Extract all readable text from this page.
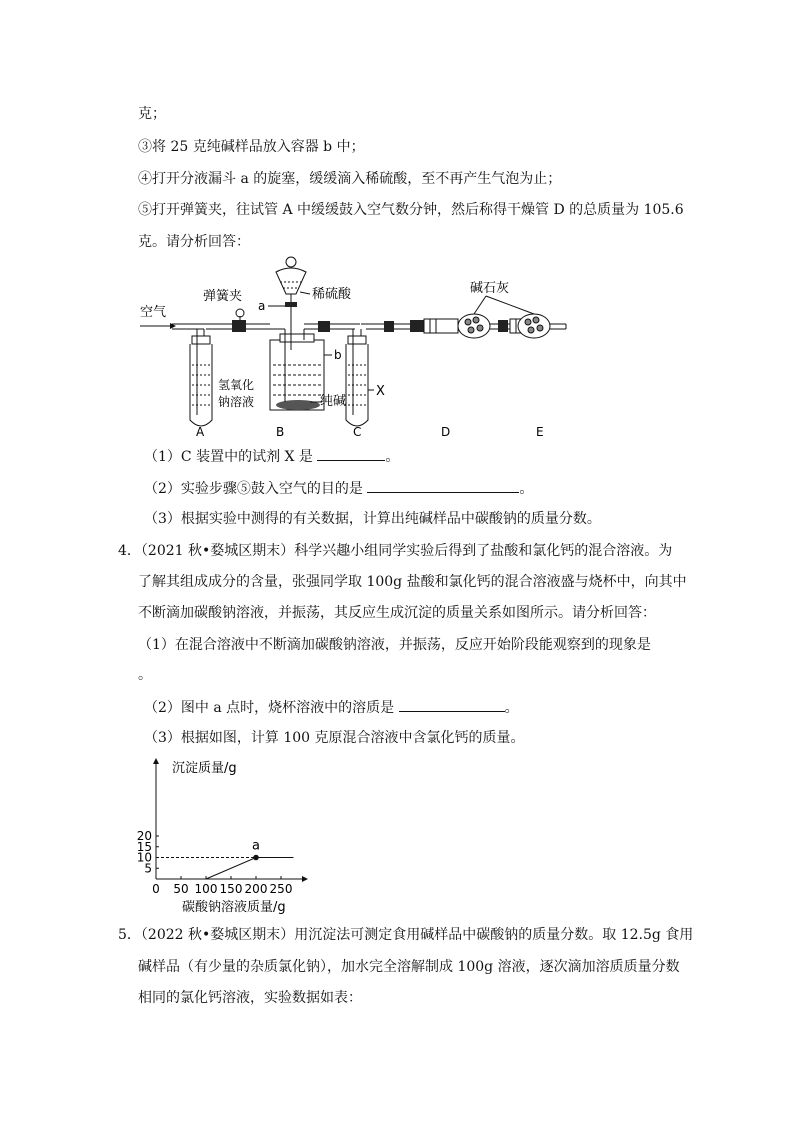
克；
③将 25 克纯碱样品放入容器 b 中；
④打开分液漏斗 a 的旋塞，缓缓滴入稀硫酸，至不再产生气泡为止；
⑤打开弹簧夹，往试管 A 中缓缓鼓入空气数分钟，然后称得干燥管 D 的总质量为 105.6
克。请分析回答：
空气
氢氧化
钠溶液
弹簧夹
b
纯碱
a
稀硫酸
X
碱石灰
A	B	C	D	E
（1）C 装置中的试剂 X 是	。
（2）实验步骤⑤鼓入空气的目的是	。
（3）根据实验中测得的有关数据，计算出纯碱样品中碳酸钠的质量分数。
4．（2021 秋•婺城区期末）科学兴趣小组同学实验后得到了盐酸和氯化钙的混合溶液。为
了解其组成成分的含量，张强同学取 100g 盐酸和氯化钙的混合溶液盛与烧杯中，向其中
不断滴加碳酸钠溶液，并振荡，其反应生成沉淀的质量关系如图所示。请分析回答：
（1）在混合溶液中不断滴加碳酸钠溶液，并振荡，反应开始阶段能观察到的现象是
。
（2）图中 a 点时，烧杯溶液中的溶质是	。
（3）根据如图，计算 100 克原混合溶液中含氯化钙的质量。
0 50 100 150 200 250
5
10
15
20
a
沉淀质量/g
碳酸钠溶液质量/g
5．（2022 秋•婺城区期末）用沉淀法可测定食用碱样品中碳酸钠的质量分数。取 12.5g 食用
碱样品（有少量的杂质氯化钠），加水完全溶解制成 100g 溶液，逐次滴加溶质质量分数
相同的氯化钙溶液，实验数据如表：
